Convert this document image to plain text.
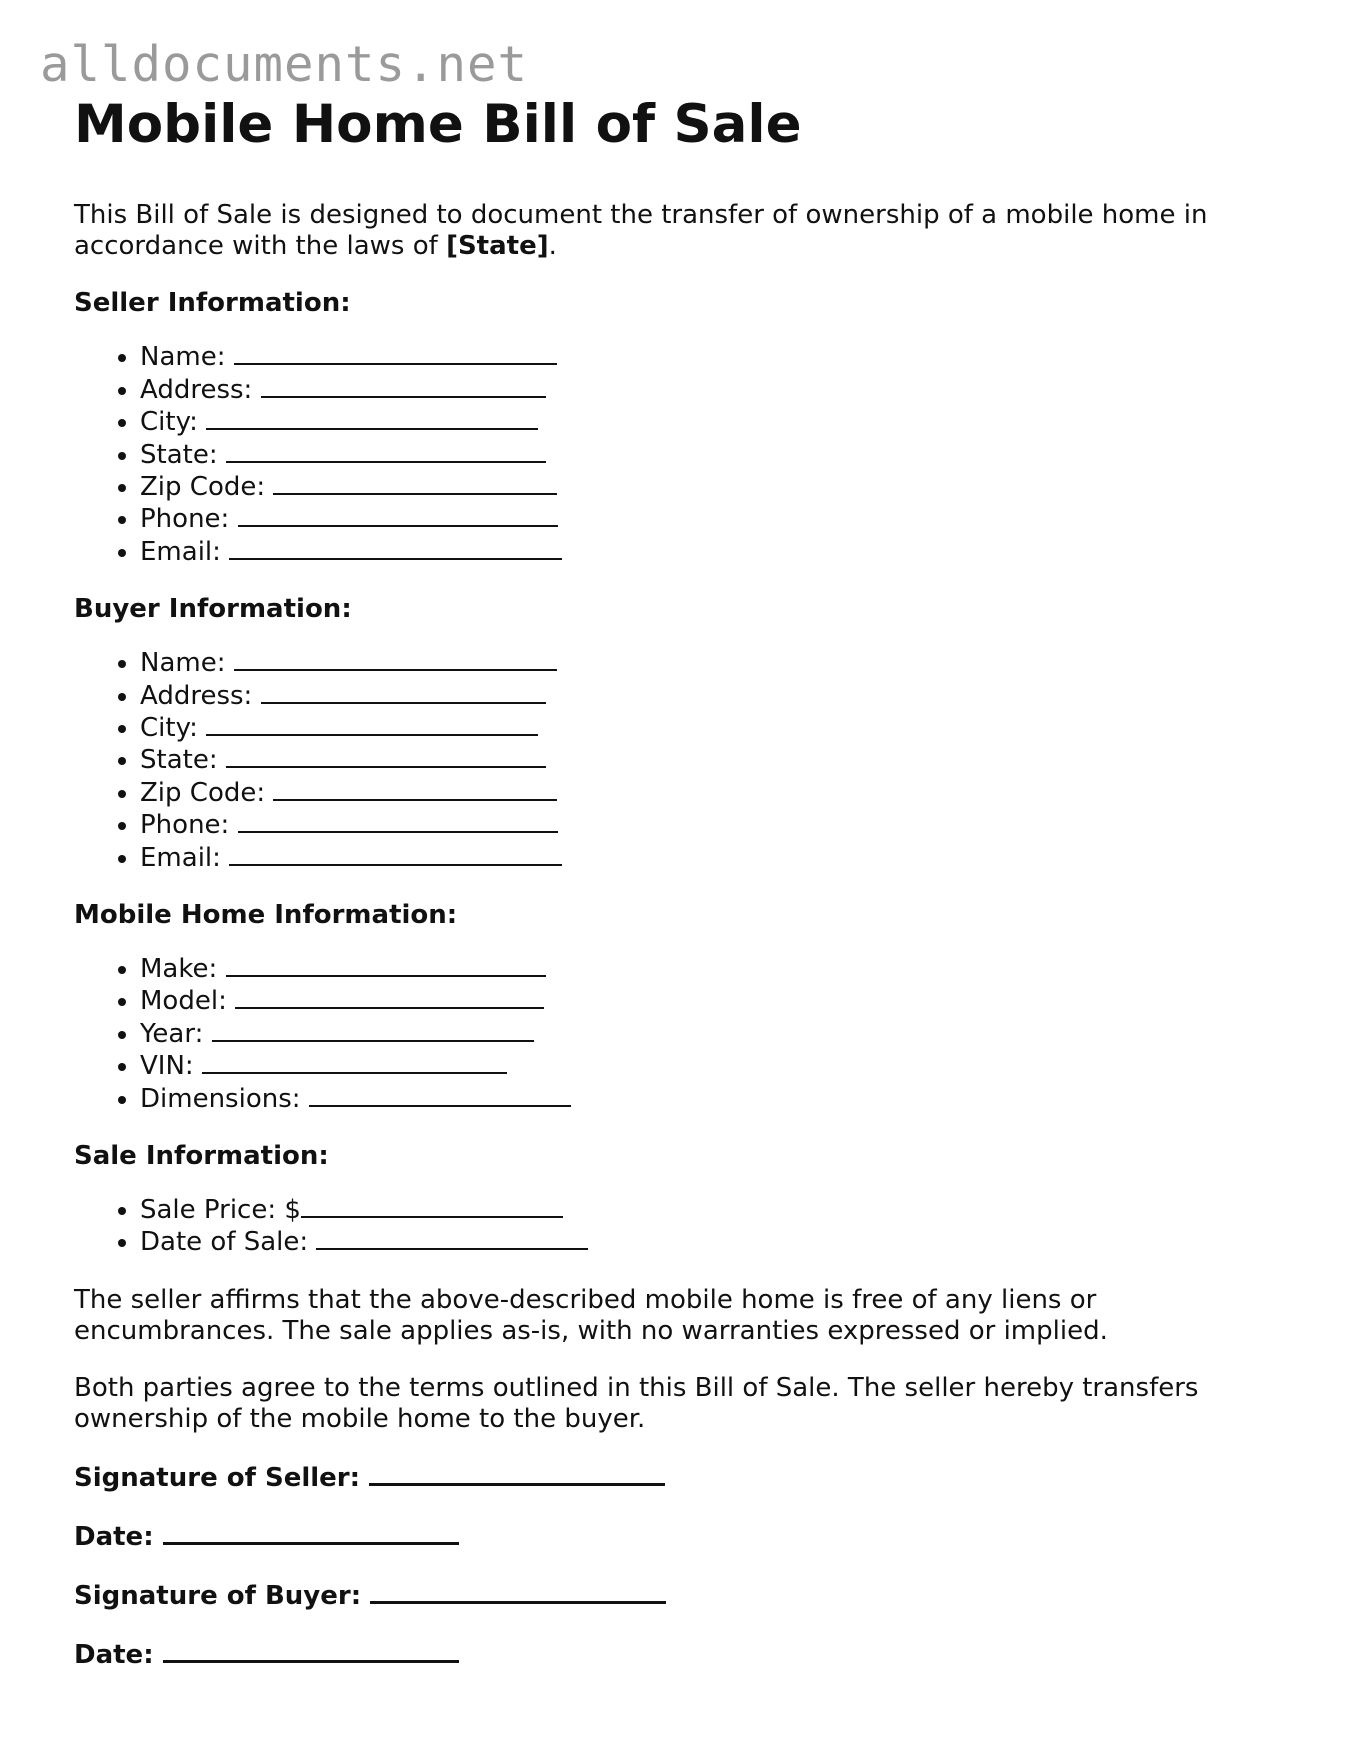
alldocuments.net
Mobile Home Bill of Sale

This Bill of Sale is designed to document the transfer of ownership of a mobile home in accordance with the laws of [State].

Seller Information:
• Name:
• Address:
• City:
• State:
• Zip Code:
• Phone:
• Email:
Buyer Information:
• Name:
• Address:
• City:
• State:
• Zip Code:
• Phone:
• Email:
Mobile Home Information:
• Make:
• Model:
• Year:
• VIN:
• Dimensions:
Sale Information:
• Sale Price: $
• Date of Sale:

The seller affirms that the above-described mobile home is free of any liens or encumbrances. The sale applies as-is, with no warranties expressed or implied.

Both parties agree to the terms outlined in this Bill of Sale. The seller hereby transfers ownership of the mobile home to the buyer.

Signature of Seller:
Date:
Signature of Buyer:
Date:
